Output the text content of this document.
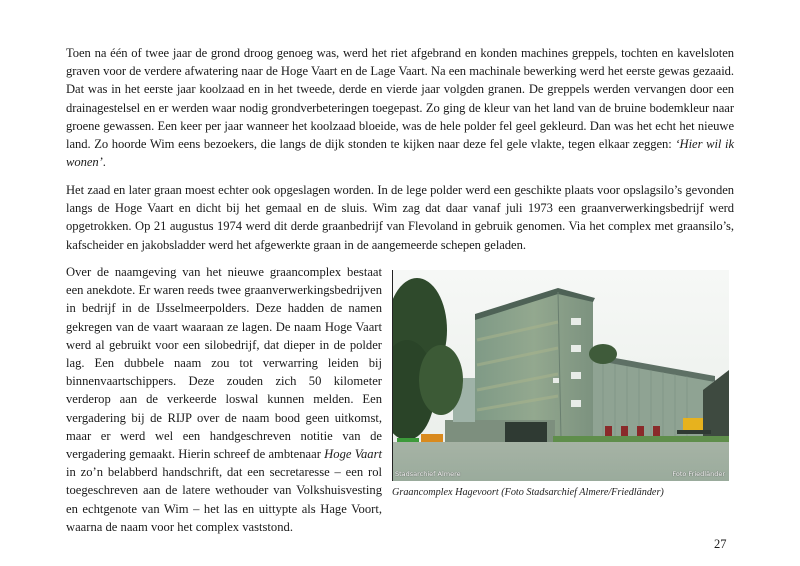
Toen na één of twee jaar de grond droog genoeg was, werd het riet afgebrand en konden machines greppels, tochten en kavelsloten graven voor de verdere afwatering naar de Hoge Vaart en de Lage Vaart. Na een machinale bewerking werd het eerste gewas gezaaid. Dat was in het eerste jaar koolzaad en in het tweede, derde en vierde jaar volgden granen. De greppels werden vervangen door een drainagestelsel en er werden waar nodig grondverbeteringen toegepast. Zo ging de kleur van het land van de bruine bodemkleur naar groene gewassen. Een keer per jaar wanneer het koolzaad bloeide, was de hele polder fel geel gekleurd. Dan was het echt het nieuwe land. Zo hoorde Wim eens bezoekers, die langs de dijk stonden te kijken naar deze fel gele vlakte, tegen elkaar zeggen: ‘Hier wil ik wonen’.

Het zaad en later graan moest echter ook opgeslagen worden. In de lege polder werd een geschikte plaats voor opslagsilo’s gevonden langs de Hoge Vaart en dicht bij het gemaal en de sluis. Wim zag dat daar vanaf juli 1973 een graanverwerkingsbedrijf werd opgetrokken. Op 21 augustus 1974 werd dit derde graanbedrijf van Flevoland in gebruik genomen. Via het complex met graansilo’s, kafscheider en jakobsladder werd het afgewerkte graan in de aangemeerde schepen geladen.

Over de naamgeving van het nieuwe graancomplex bestaat een anekdote. Er waren reeds twee graanverwerkingsbedrijven in bedrijf in de IJsselmeerpolders. Deze hadden de namen gekregen van de vaart waaraan ze lagen. De naam Hoge Vaart werd al gebruikt voor een silobedrijf, dat dieper in de polder lag. Een dubbele naam zou tot verwarring leiden bij binnenvaartschippers. Deze zouden zich 50 kilometer verderop aan de verkeerde loswal kunnen melden. Een vergadering bij de RIJP over de naam bood geen uitkomst, maar er werd wel een handgeschreven notitie van de vergadering gemaakt. Hierin schreef de ambtenaar Hoge Vaart in zo’n belabberd handschrift, dat een secretaresse – een rol toegeschreven aan de latere wethouder van Volkshuisvesting en echtgenote van Wim – het las en uittypte als Hage Voort, waarna de naam voor het complex vaststond.

Stadsarchief Almere	Foto Friedländer
Graancomplex Hagevoort (Foto Stadsarchief Almere/Friedländer)
27
